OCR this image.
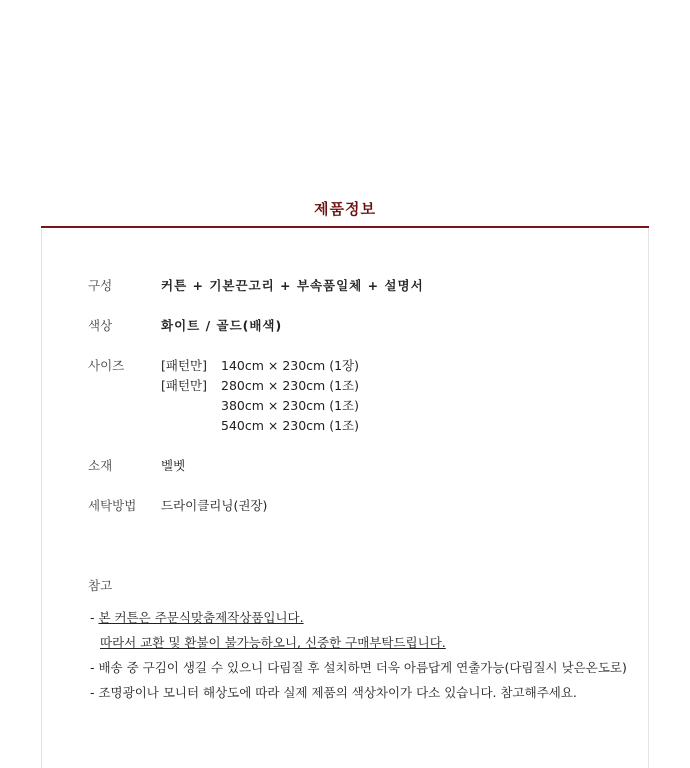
제품정보
구성	커튼 + 기본끈고리 + 부속품일체 + 설명서
색상	화이트 / 골드(배색)
사이즈	[패턴만] 140cm × 230cm (1장)
[패턴만] 280cm × 230cm (1조)
380cm × 230cm (1조)
540cm × 230cm (1조)
소재	벨벳
세탁방법 드라이클리닝(권장)
참고
- 본 커튼은 주문식맞춤제작상품입니다.
따라서 교환 및 환불이 불가능하오니, 신중한 구매부탁드립니다.
- 배송 중 구김이 생길 수 있으니 다림질 후 설치하면 더욱 아름답게 연출가능(다림질시 낮은온도로)
- 조명광이나 모니터 해상도에 따라 실제 제품의 색상차이가 다소 있습니다. 참고해주세요.
